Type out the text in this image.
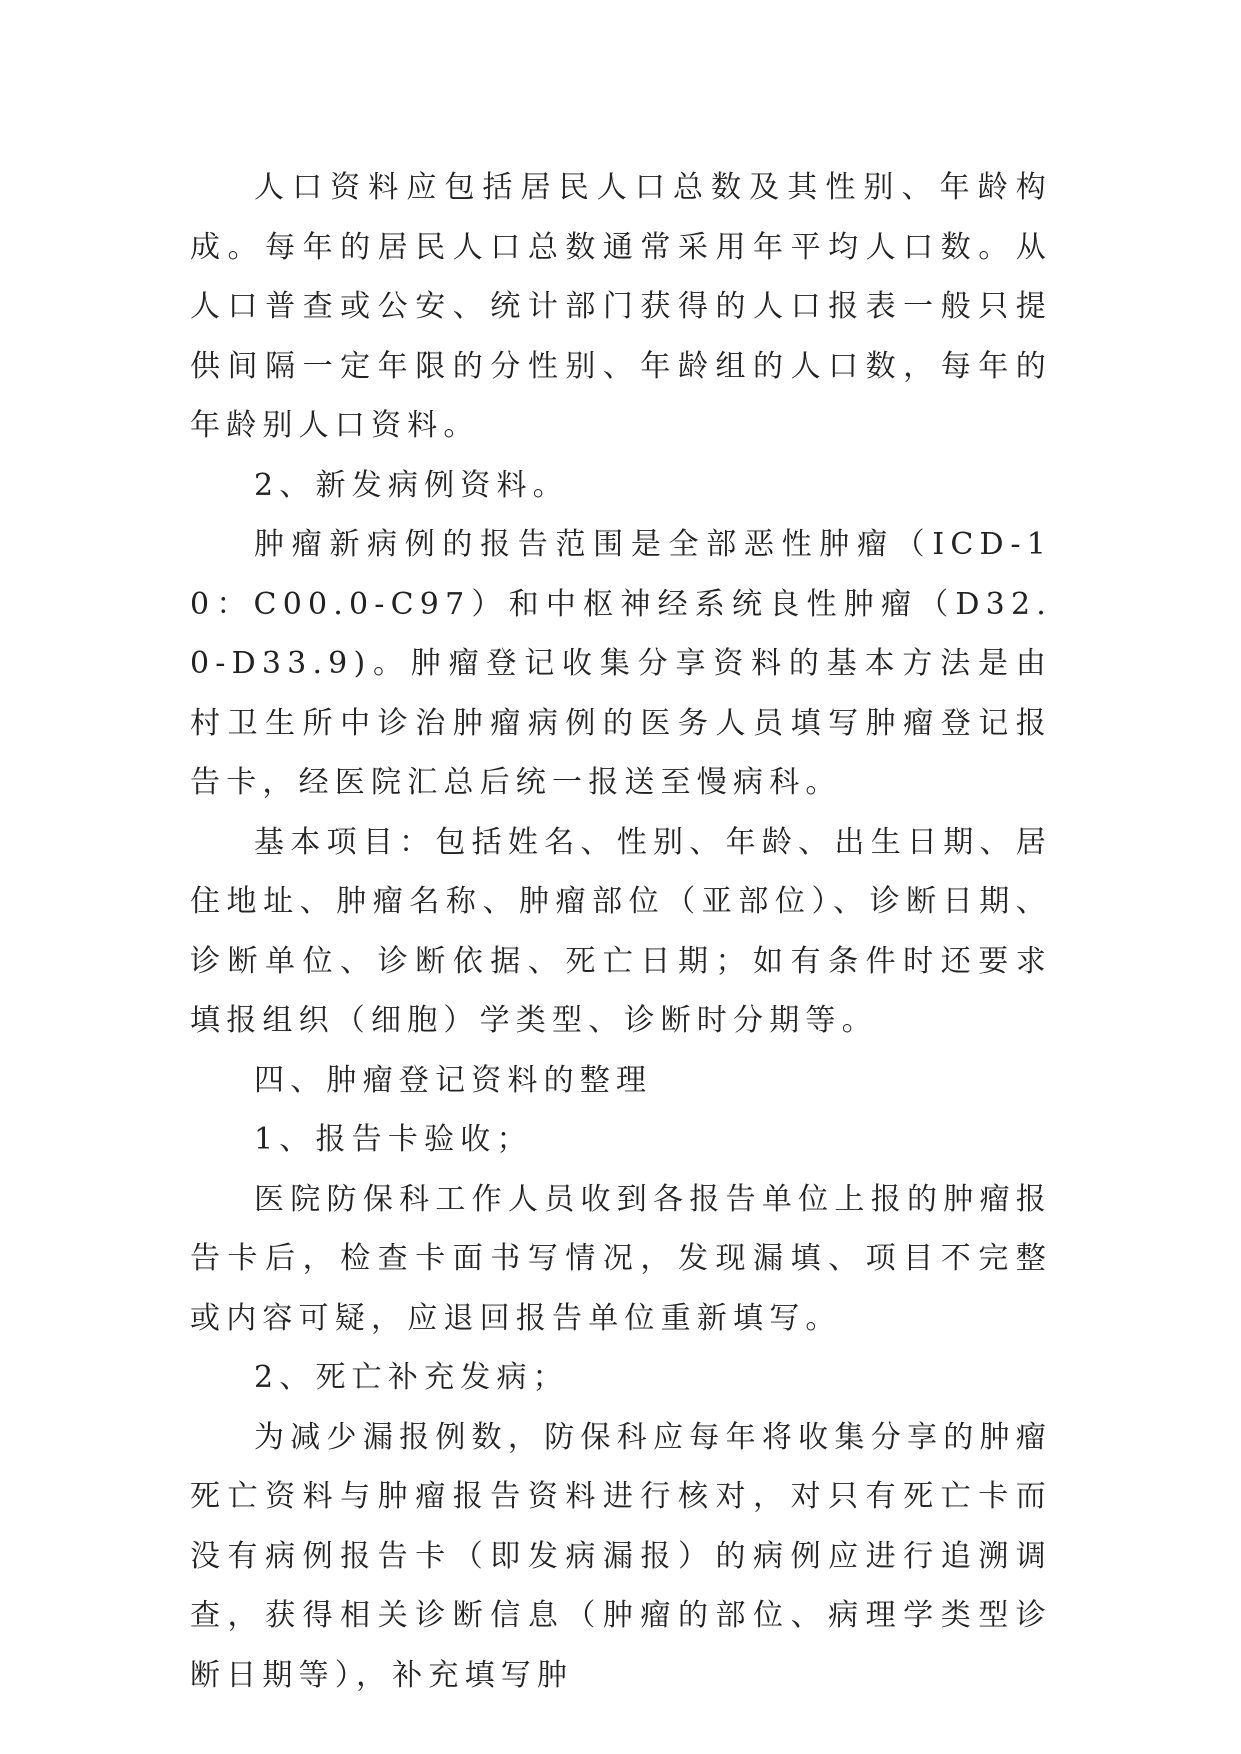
人口资料应包括居民人口总数及其性别、年龄构成。每年的居民人口总数通常采用年平均人口数。从人口普查或公安、统计部门获得的人口报表一般只提供间隔一定年限的分性别、年龄组的人口数，每年的年龄别人口资料。

2、新发病例资料。

肿瘤新病例的报告范围是全部恶性肿瘤（ICD-10：C00.0-C97）和中枢神经系统良性肿瘤（D32.0-D33.9)。肿瘤登记收集分享资料的基本方法是由村卫生所中诊治肿瘤病例的医务人员填写肿瘤登记报告卡，经医院汇总后统一报送至慢病科。

基本项目：包括姓名、性别、年龄、出生日期、居住地址、肿瘤名称、肿瘤部位（亚部位）、诊断日期、诊断单位、诊断依据、死亡日期；如有条件时还要求填报组织（细胞）学类型、诊断时分期等。

四、肿瘤登记资料的整理

1、报告卡验收；

医院防保科工作人员收到各报告单位上报的肿瘤报告卡后，检查卡面书写情况，发现漏填、项目不完整或内容可疑，应退回报告单位重新填写。

2、死亡补充发病；

为减少漏报例数，防保科应每年将收集分享的肿瘤死亡资料与肿瘤报告资料进行核对，对只有死亡卡而没有病例报告卡（即发病漏报）的病例应进行追溯调查，获得相关诊断信息（肿瘤的部位、病理学类型诊断日期等），补充填写肿
